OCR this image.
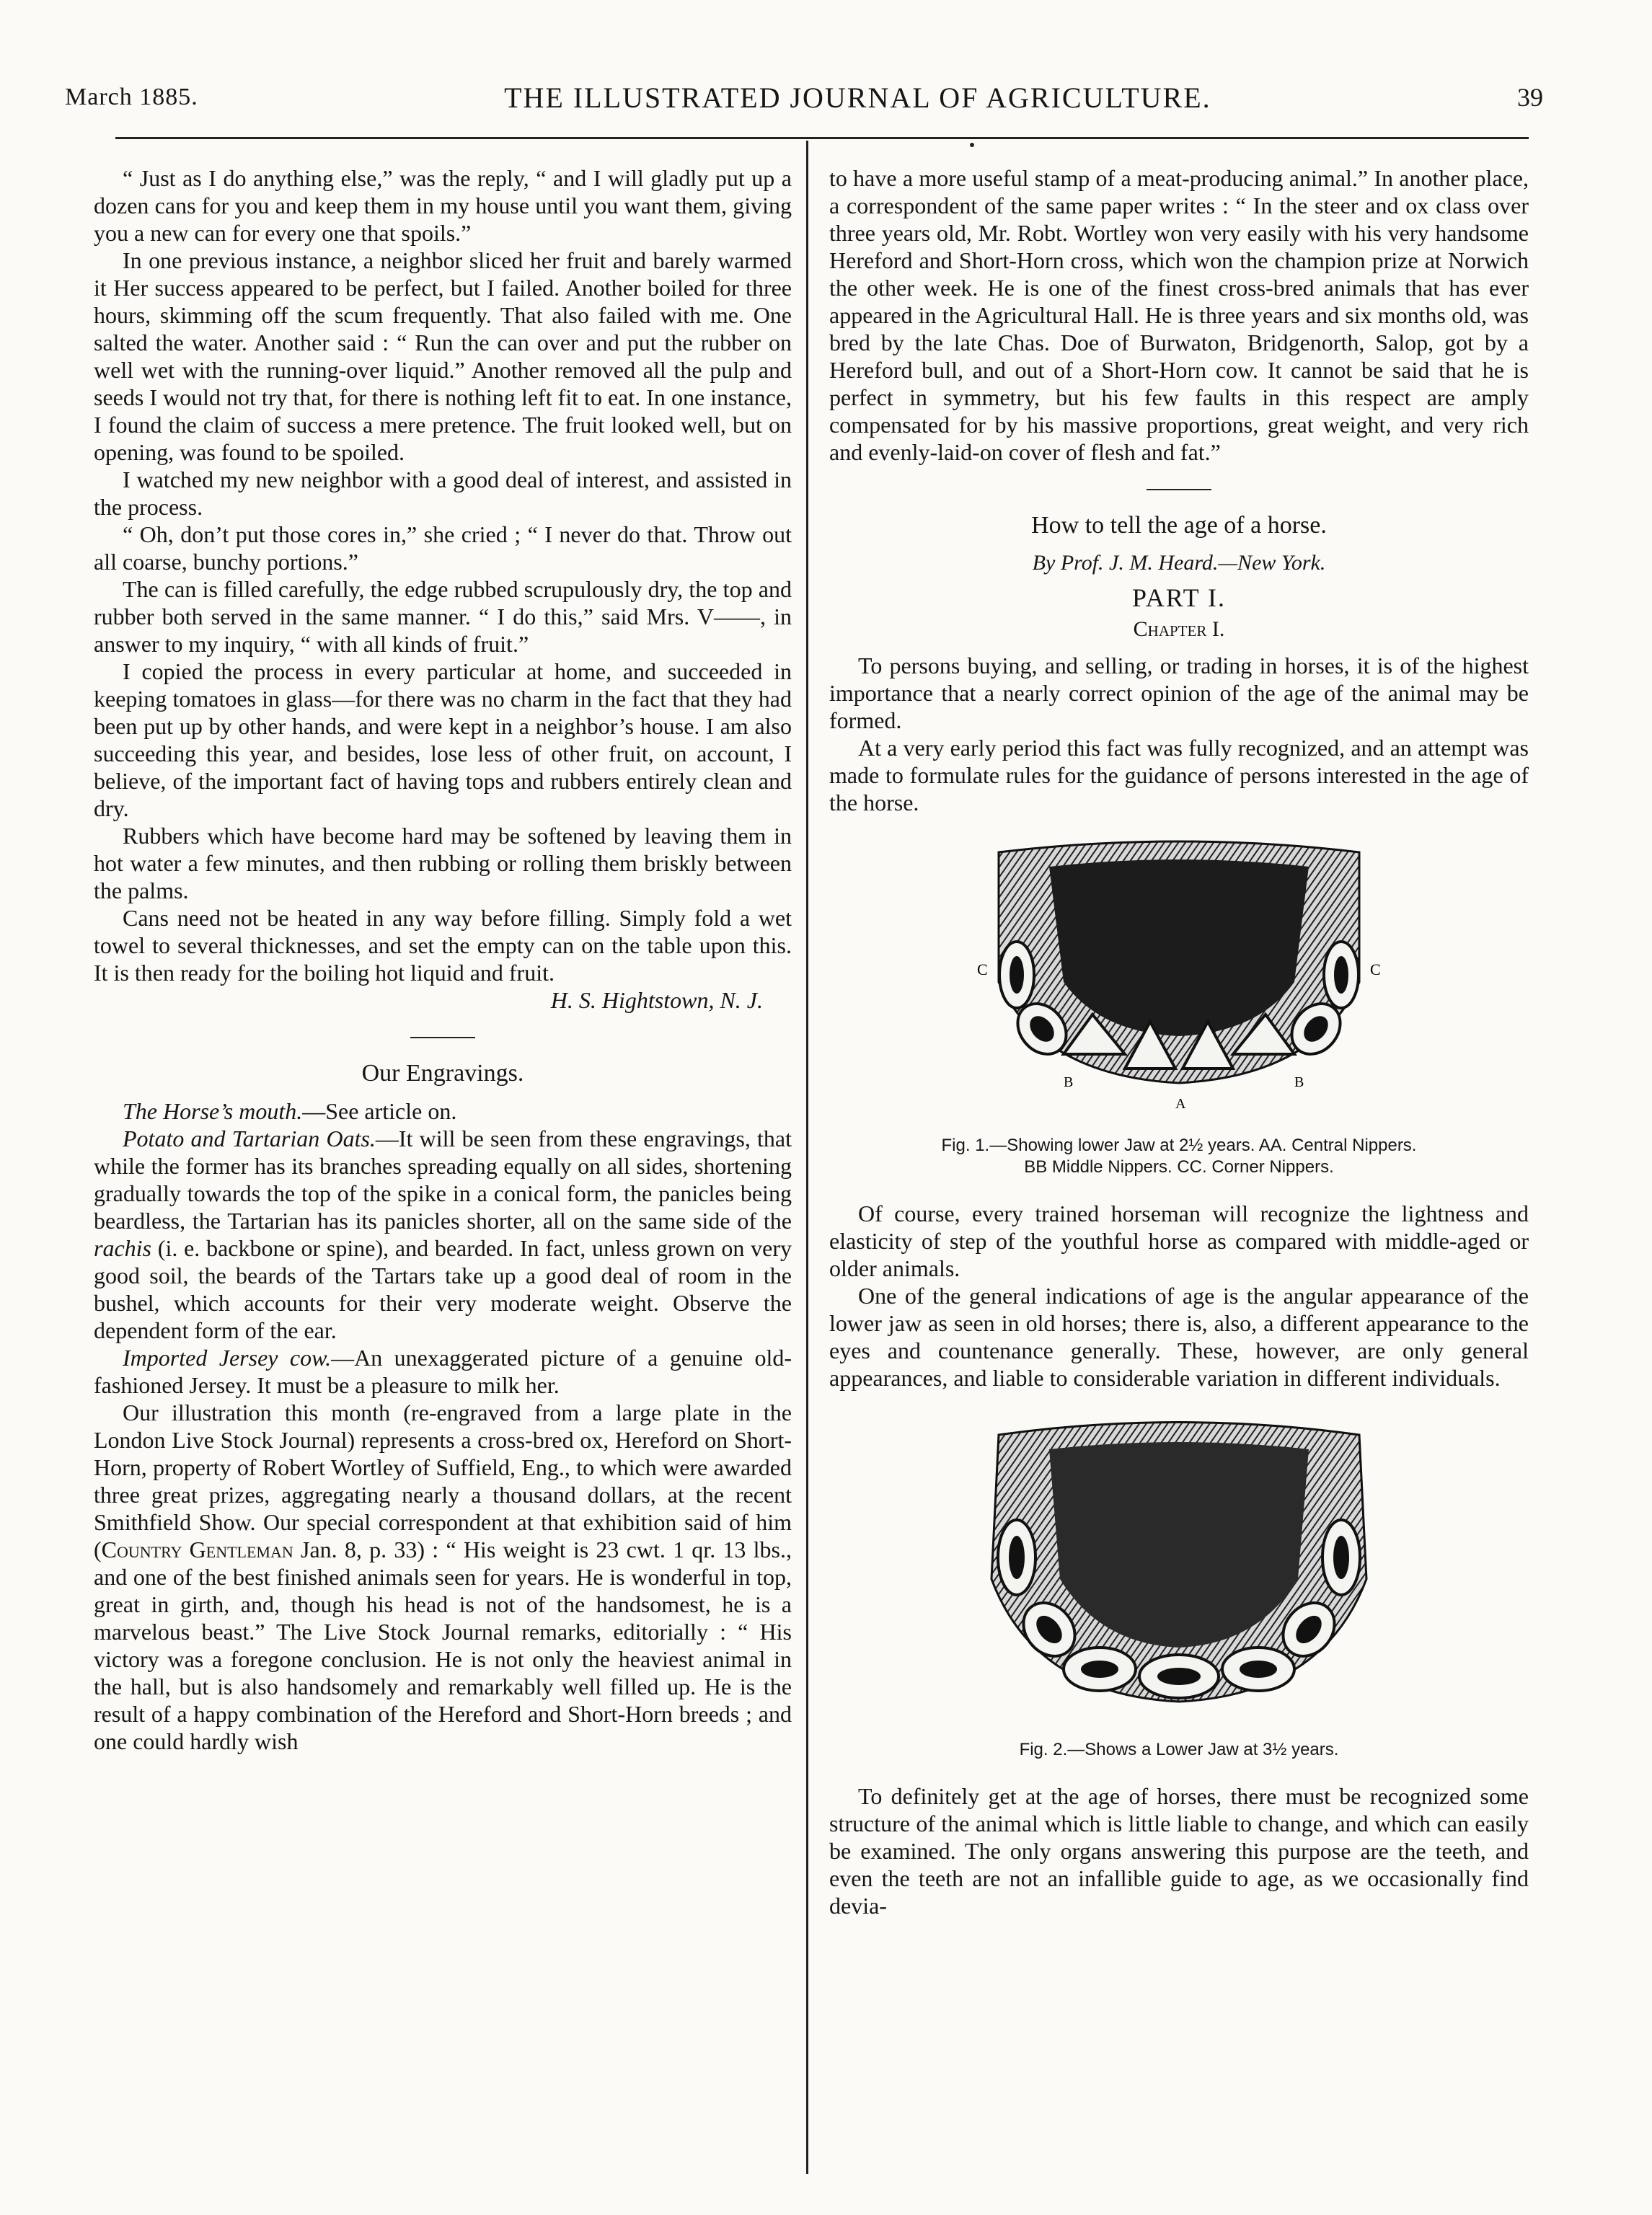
March 1885.	THE ILLUSTRATED JOURNAL OF AGRICULTURE.	39

“ Just as I do anything else,” was the reply, “ and I will gladly put up a dozen cans for you and keep them in my house until you want them, giving you a new can for every one that spoils.”

In one previous instance, a neighbor sliced her fruit and barely warmed it Her success appeared to be perfect, but I failed. Another boiled for three hours, skimming off the scum frequently. That also failed with me. One salted the water. Another said : “ Run the can over and put the rubber on well wet with the running-over liquid.” Another removed all the pulp and seeds I would not try that, for there is nothing left fit to eat. In one instance, I found the claim of success a mere pretence. The fruit looked well, but on opening, was found to be spoiled.

I watched my new neighbor with a good deal of interest, and assisted in the process.

“ Oh, don’t put those cores in,” she cried ; “ I never do that. Throw out all coarse, bunchy portions.”

The can is filled carefully, the edge rubbed scrupulously dry, the top and rubber both served in the same manner. “ I do this,” said Mrs. V——, in answer to my inquiry, “ with all kinds of fruit.”

I copied the process in every particular at home, and succeeded in keeping tomatoes in glass—for there was no charm in the fact that they had been put up by other hands, and were kept in a neighbor’s house. I am also succeeding this year, and besides, lose less of other fruit, on account, I believe, of the important fact of having tops and rubbers entirely clean and dry.

Rubbers which have become hard may be softened by leaving them in hot water a few minutes, and then rubbing or rolling them briskly between the palms.

Cans need not be heated in any way before filling. Simply fold a wet towel to several thicknesses, and set the empty can on the table upon this. It is then ready for the boiling hot liquid and fruit.

H. S. Hightstown, N. J.
Our Engravings.

The Horse’s mouth.—See article on.

Potato and Tartarian Oats.—It will be seen from these engravings, that while the former has its branches spreading equally on all sides, shortening gradually towards the top of the spike in a conical form, the panicles being beardless, the Tartarian has its panicles shorter, all on the same side of the rachis (i. e. backbone or spine), and bearded. In fact, unless grown on very good soil, the beards of the Tartars take up a good deal of room in the bushel, which accounts for their very moderate weight. Observe the dependent form of the ear.

Imported Jersey cow.—An unexaggerated picture of a genuine old-fashioned Jersey. It must be a pleasure to milk her.

Our illustration this month (re-engraved from a large plate in the London Live Stock Journal) represents a cross-bred ox, Hereford on Short-Horn, property of Robert Wortley of Suffield, Eng., to which were awarded three great prizes, aggregating nearly a thousand dollars, at the recent Smithfield Show. Our special correspondent at that exhibition said of him (Country Gentleman Jan. 8, p. 33) : “ His weight is 23 cwt. 1 qr. 13 lbs., and one of the best finished animals seen for years. He is wonderful in top, great in girth, and, though his head is not of the handsomest, he is a marvelous beast.” The Live Stock Journal remarks, editorially : “ His victory was a foregone conclusion. He is not only the heaviest animal in the hall, but is also handsomely and remarkably well filled up. He is the result of a happy combination of the Hereford and Short-Horn breeds ; and one could hardly wish

to have a more useful stamp of a meat-producing animal.” In another place, a correspondent of the same paper writes : “ In the steer and ox class over three years old, Mr. Robt. Wortley won very easily with his very handsome Hereford and Short-Horn cross, which won the champion prize at Norwich the other week. He is one of the finest cross-bred animals that has ever appeared in the Agricultural Hall. He is three years and six months old, was bred by the late Chas. Doe of Burwaton, Bridgenorth, Salop, got by a Hereford bull, and out of a Short-Horn cow. It cannot be said that he is perfect in symmetry, but his few faults in this respect are amply compensated for by his massive proportions, great weight, and very rich and evenly-laid-on cover of flesh and fat.”

How to tell the age of a horse.
By Prof. J. M. Heard.—New York.
PART I.
Chapter I.

To persons buying, and selling, or trading in horses, it is of the highest importance that a nearly correct opinion of the age of the animal may be formed.

At a very early period this fact was fully recognized, and an attempt was made to formulate rules for the guidance of persons interested in the age of the horse.

C	C
B	B
A
Fig. 1.—Showing lower Jaw at 2½ years. AA. Central Nippers.
BB Middle Nippers. CC. Corner Nippers.

Of course, every trained horseman will recognize the lightness and elasticity of step of the youthful horse as compared with middle-aged or older animals.

One of the general indications of age is the angular appearance of the lower jaw as seen in old horses; there is, also, a different appearance to the eyes and countenance generally. These, however, are only general appearances, and liable to considerable variation in different individuals.

Fig. 2.—Shows a Lower Jaw at 3½ years.

To definitely get at the age of horses, there must be recognized some structure of the animal which is little liable to change, and which can easily be examined. The only organs answering this purpose are the teeth, and even the teeth are not an infallible guide to age, as we occasionally find devia-
